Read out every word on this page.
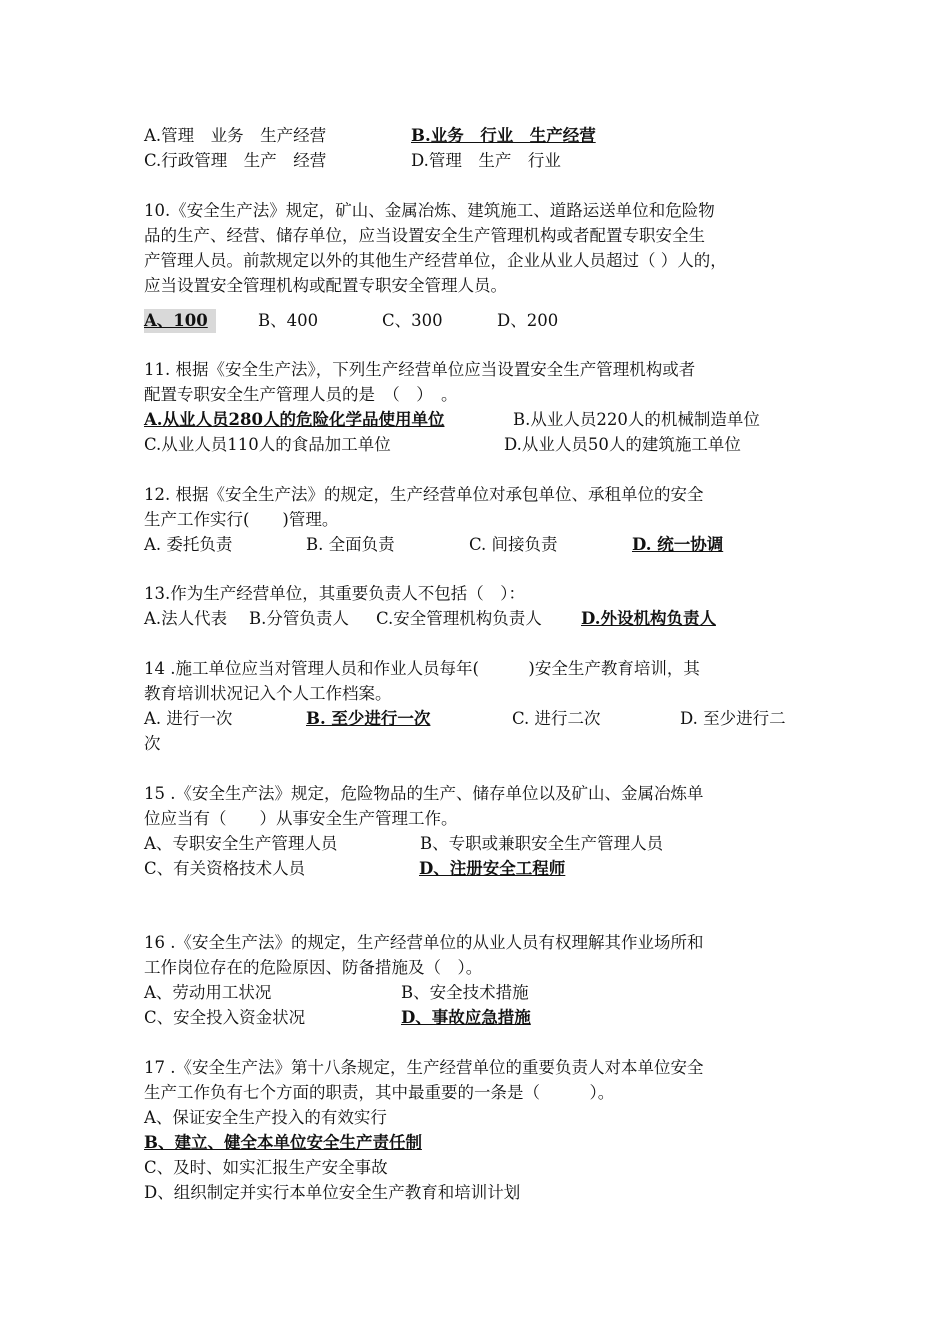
A.管理　业务　生产经营	B.业务　行业　生产经营
C.行政管理　生产　经营	D.管理　生产　行业
10.《安全生产法》规定，矿山、金属冶炼、建筑施工、道路运送单位和危险物
品的生产、经营、储存单位，应当设置安全生产管理机构或者配置专职安全生
产管理人员。前款规定以外的其他生产经营单位，企业从业人员超过（ ）人的，
应当设置安全管理机构或配置专职安全管理人员。
A、100	B、400	C、300	D、200
11. 根据《安全生产法》，下列生产经营单位应当设置安全生产管理机构或者
配置专职安全生产管理人员的是　（　）　。
A.从业人员280人的危险化学品使用单位	B.从业人员220人的机械制造单位
C.从业人员110人的食品加工单位	D.从业人员50人的建筑施工单位
12. 根据《安全生产法》的规定，生产经营单位对承包单位、承租单位的安全
生产工作实行(　　)管理。
A. 委托负责	B. 全面负责	C. 间接负责	D. 统一协调
13.作为生产经营单位，其重要负责人不包括（　）：
A.法人代表 B.分管负责人 C.安全管理机构负责人 D.外设机构负责人
14 .施工单位应当对管理人员和作业人员每年(　　　)安全生产教育培训，其
教育培训状况记入个人工作档案。
A. 进行一次	B. 至少进行一次	C. 进行二次	D. 至少进行二
次
15 .《安全生产法》规定，危险物品的生产、储存单位以及矿山、金属冶炼单
位应当有（　　）从事安全生产管理工作。
A、专职安全生产管理人员	B、专职或兼职安全生产管理人员
C、有关资格技术人员	D、注册安全工程师
16 .《安全生产法》的规定，生产经营单位的从业人员有权理解其作业场所和
工作岗位存在的危险原因、防备措施及（　）。
A、劳动用工状况	B、安全技术措施
C、安全投入资金状况	D、事故应急措施
17 .《安全生产法》第十八条规定，生产经营单位的重要负责人对本单位安全
生产工作负有七个方面的职责，其中最重要的一条是（　　　）。
A、保证安全生产投入的有效实行
B、建立、健全本单位安全生产责任制
C、及时、如实汇报生产安全事故
D、组织制定并实行本单位安全生产教育和培训计划
